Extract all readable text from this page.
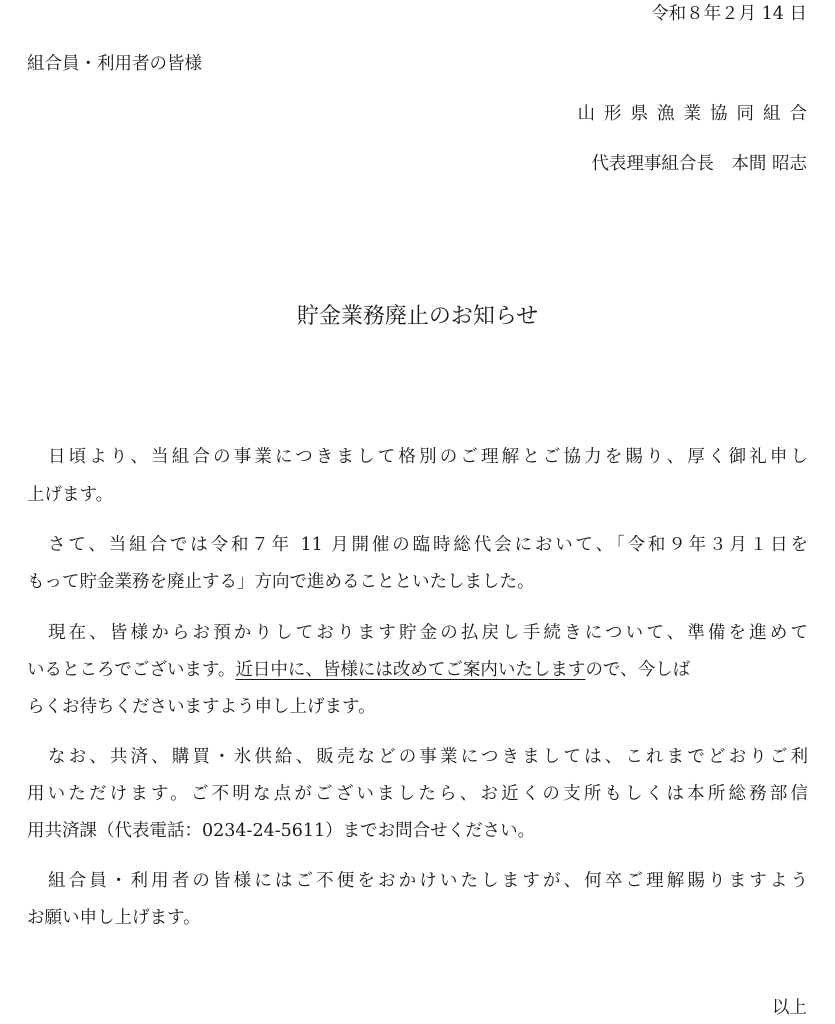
令和８年２月 14 日
組合員・利用者の皆様
山形県漁業協同組合
代表理事組合長　本間 昭志
貯金業務廃止のお知らせ
日頃より、当組合の事業につきまして格別のご理解とご協力を賜り、厚く御礼申し
上げます。
さて、当組合では令和７年 11 月開催の臨時総代会において、「令和９年３月１日を
もって貯金業務を廃止する」方向で進めることといたしました。
現在、皆様からお預かりしております貯金の払戻し手続きについて、準備を進めて
いるところでございます。近日中に、皆様には改めてご案内いたしますので、今しば
らくお待ちくださいますよう申し上げます。
なお、共済、購買・氷供給、販売などの事業につきましては、これまでどおりご利
用いただけます。ご不明な点がございましたら、お近くの支所もしくは本所総務部信
用共済課（代表電話：0234-24-5611）までお問合せください。
組合員・利用者の皆様にはご不便をおかけいたしますが、何卒ご理解賜りますよう
お願い申し上げます。
以上
